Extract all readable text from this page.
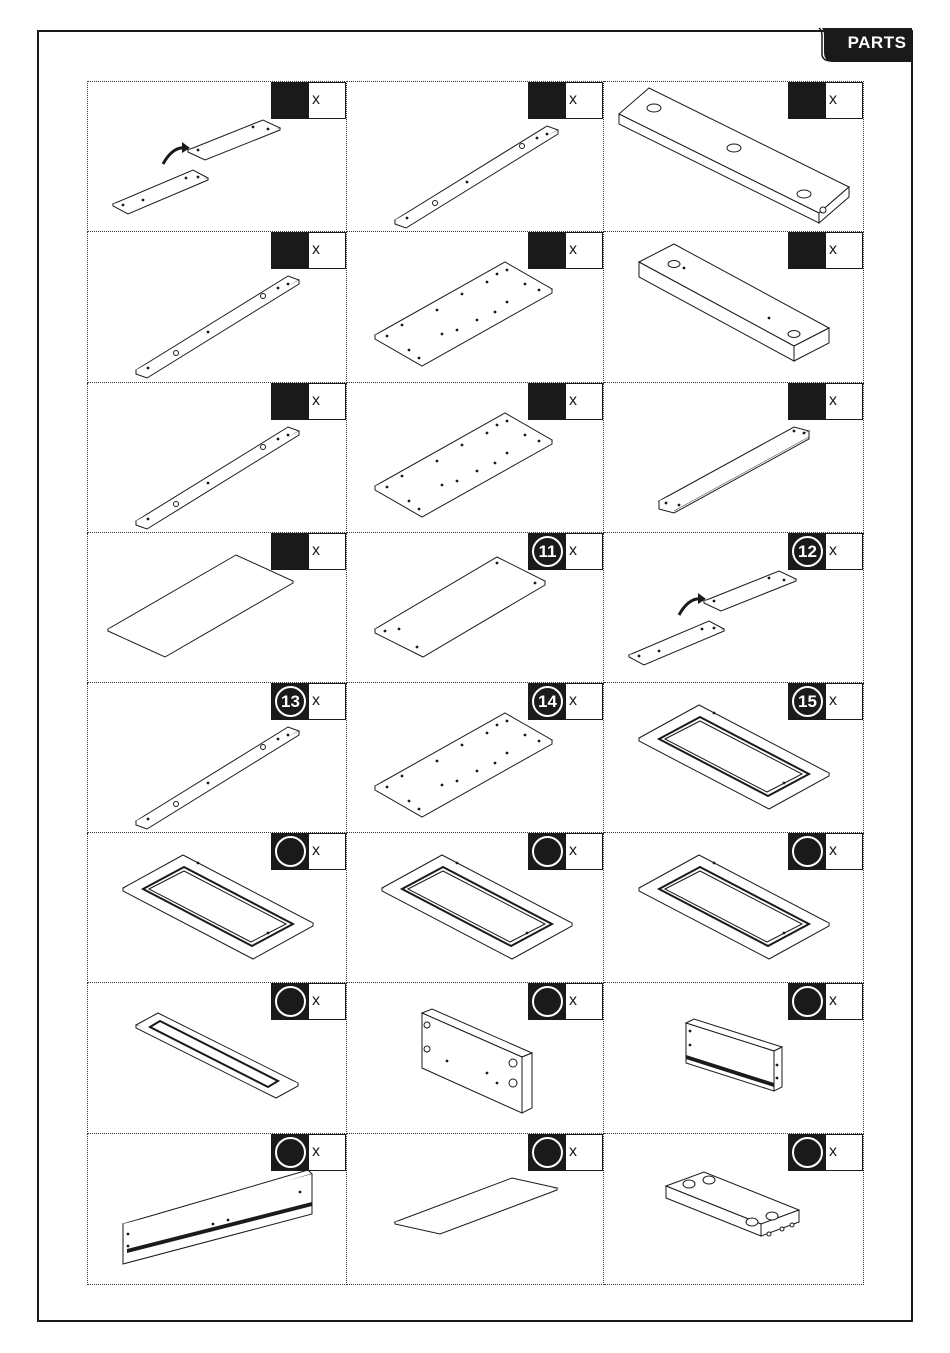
PARTS
x	x	x
x	x	x
x	x	x
x	11 x	12 x
13 x	14 x	15 x
x	x	x
x	x	x
x	x	x
